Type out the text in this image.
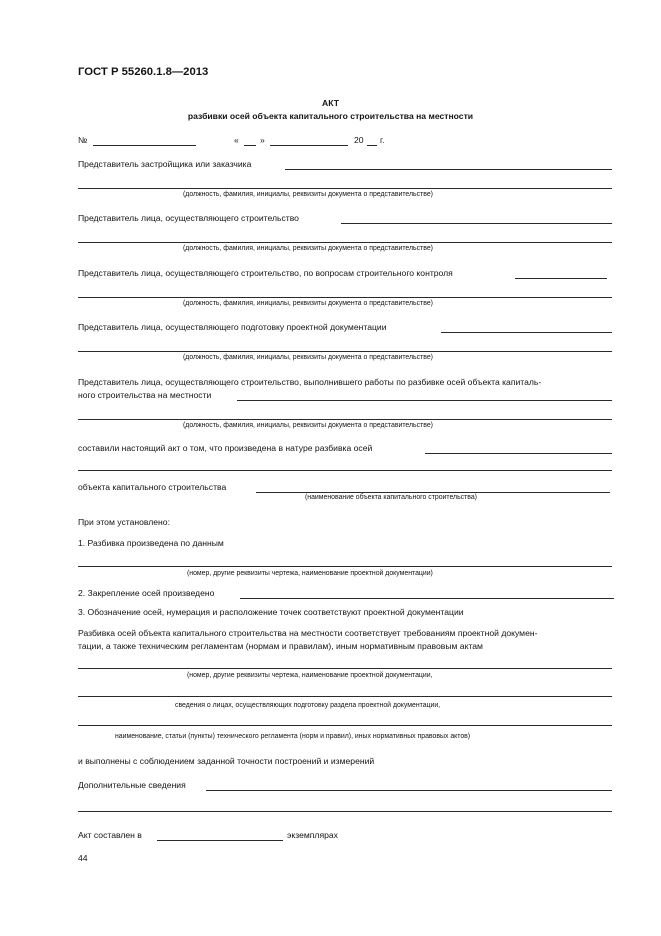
ГОСТ Р 55260.1.8—2013
АКТ
разбивки осей объекта капитального строительства на местности
№	« »	20 г.
Представитель застройщика или заказчика
(должность, фамилия, инициалы, реквизиты документа о представительстве)
Представитель лица, осуществляющего строительство
(должность, фамилия, инициалы, реквизиты документа о представительстве)
Представитель лица, осуществляющего строительство, по вопросам строительного контроля
(должность, фамилия, инициалы, реквизиты документа о представительстве)
Представитель лица, осуществляющего подготовку проектной документации
(должность, фамилия, инициалы, реквизиты документа о представительстве)
Представитель лица, осуществляющего строительство, выполнившего работы по разбивке осей объекта капиталь-
ного строительства на местности
(должность, фамилия, инициалы, реквизиты документа о представительстве)
составили настоящий акт о том, что произведена в натуре разбивка осей
объекта капитального строительства
(наименование объекта капитального строительства)
При этом установлено:
1. Разбивка произведена по данным
(номер, другие реквизиты чертежа, наименование проектной документации)
2. Закрепление осей произведено
3. Обозначение осей, нумерация и расположение точек соответствуют проектной документации
Разбивка осей объекта капитального строительства на местности соответствует требованиям проектной докумен-
тации, а также техническим регламентам (нормам и правилам), иным нормативным правовым актам
(номер, другие реквизиты чертежа, наименование проектной документации,
сведения о лицах, осуществляющих подготовку раздела проектной документации,
наименование, статьи (пункты) технического регламента (норм и правил), иных нормативных правовых актов)
и выполнены с соблюдением заданной точности построений и измерений
Дополнительные сведения
Акт составлен в	экземплярах
44
